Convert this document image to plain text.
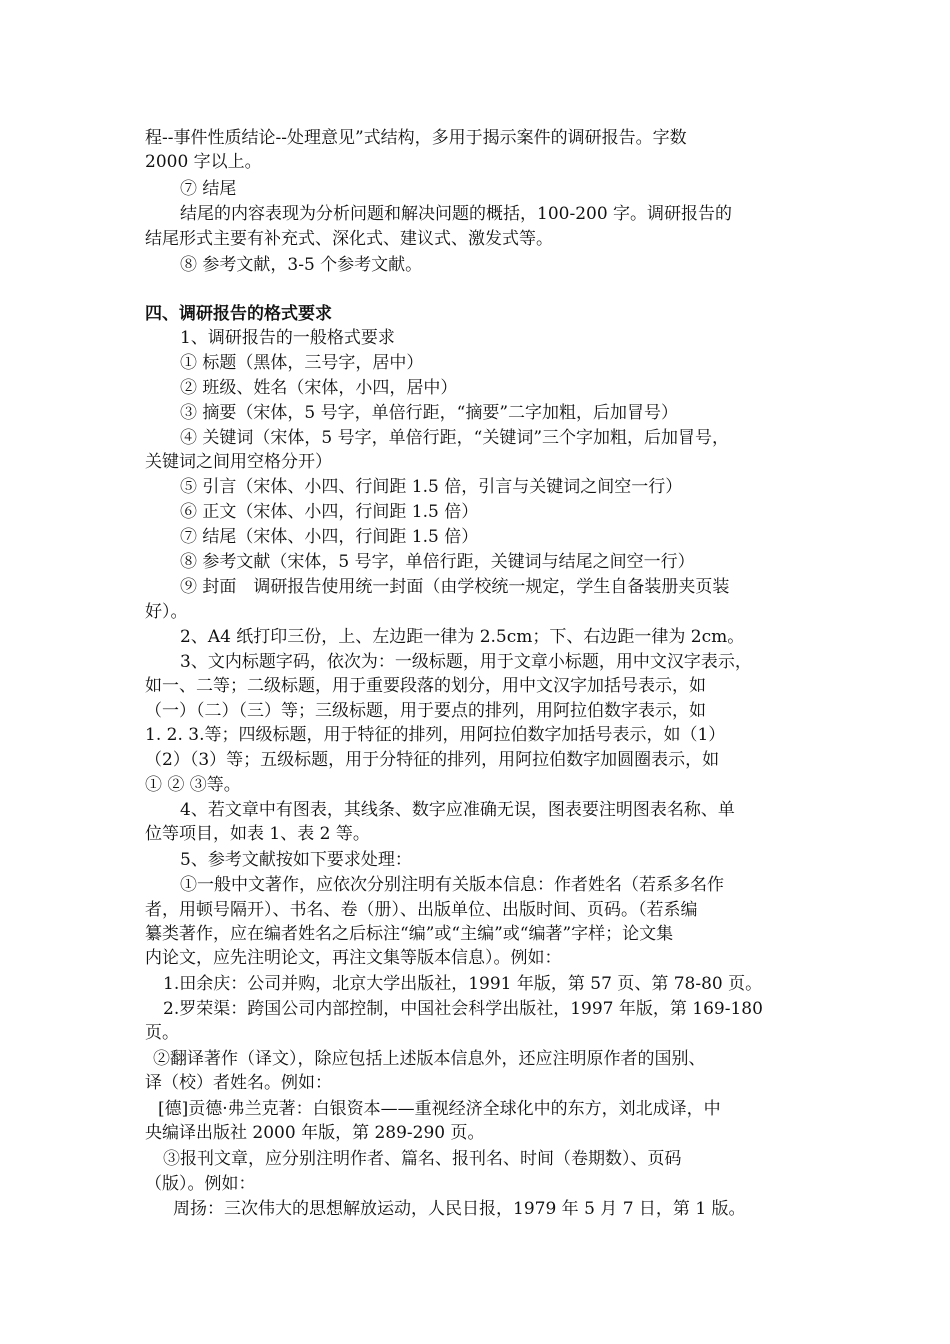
程--事件性质结论--处理意见”式结构，多用于揭示案件的调研报告。字数
2000 字以上。
⑦ 结尾
结尾的内容表现为分析问题和解决问题的概括，100-200 字。调研报告的
结尾形式主要有补充式、深化式、建议式、激发式等。
⑧ 参考文献，3-5 个参考文献。
四、调研报告的格式要求
1、调研报告的一般格式要求
① 标题（黑体，三号字，居中）
② 班级、姓名（宋体，小四，居中）
③ 摘要（宋体，5 号字，单倍行距，“摘要”二字加粗，后加冒号）
④ 关键词（宋体，5 号字，单倍行距，“关键词”三个字加粗，后加冒号，
关键词之间用空格分开）
⑤ 引言（宋体、小四、行间距 1.5 倍，引言与关键词之间空一行）
⑥ 正文（宋体、小四，行间距 1.5 倍）
⑦ 结尾（宋体、小四，行间距 1.5 倍）
⑧ 参考文献（宋体，5 号字，单倍行距，关键词与结尾之间空一行）
⑨ 封面　调研报告使用统一封面（由学校统一规定，学生自备装册夹页装
好）。
2、A4 纸打印三份，上、左边距一律为 2.5cm；下、右边距一律为 2cm。
3、文内标题字码，依次为：一级标题，用于文章小标题，用中文汉字表示，
如一、二等；二级标题，用于重要段落的划分，用中文汉字加括号表示，如
（一）（二）（三）等；三级标题，用于要点的排列，用阿拉伯数字表示，如
1. 2. 3.等；四级标题，用于特征的排列，用阿拉伯数字加括号表示，如（1）
（2）（3）等；五级标题，用于分特征的排列，用阿拉伯数字加圆圈表示，如
① ② ③等。
4、若文章中有图表，其线条、数字应准确无误，图表要注明图表名称、单
位等项目，如表 1、表 2 等。
5、参考文献按如下要求处理：
①一般中文著作，应依次分别注明有关版本信息：作者姓名（若系多名作
者，用顿号隔开）、书名、卷（册）、出版单位、出版时间、页码。（若系编
纂类著作，应在编者姓名之后标注“编”或“主编”或“编著”字样；论文集
内论文，应先注明论文，再注文集等版本信息）。例如：
1.田余庆：公司并购，北京大学出版社，1991 年版，第 57 页、第 78-80 页。
2.罗荣渠：跨国公司内部控制，中国社会科学出版社，1997 年版，第 169-180
页。
②翻译著作（译文），除应包括上述版本信息外，还应注明原作者的国别、
译（校）者姓名。例如：
[德]贡德·弗兰克著：白银资本——重视经济全球化中的东方，刘北成译，中
央编译出版社 2000 年版，第 289-290 页。
③报刊文章，应分别注明作者、篇名、报刊名、时间（卷期数）、页码
（版）。例如：
周扬：三次伟大的思想解放运动，人民日报，1979 年 5 月 7 日，第 1 版。
